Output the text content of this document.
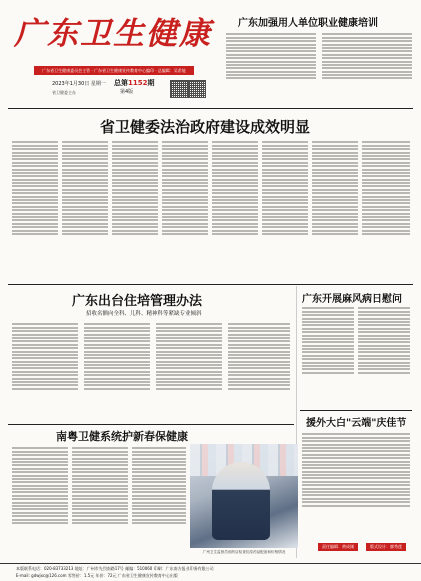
广东卫生健康
广东省卫生健康委员会主管 · 广东省卫生健康宣传教育中心编印 · 总编辑：吴希能
2023年1月30日 星期一 总第1152期
第4版
省卫健委主办
广东加强用人单位职业健康培训
省卫健委法治政府建设成效明显
广东出台住培管理办法
招收名额向全科、儿科、精神科等紧缺专业倾斜
广东开展麻风病日慰问
援外大白"云端"庆佳节
责任编辑：黄成刚	版式设计：廖秀莲
南粤卫健系统护新春保健康
广州卫生监督员到药店检查抗疫药品配备和价格情况
本版联系电话：020-83733213 地址：广州市先烈南路17号 邮编：510060 印刷：广东南方报业印务有限公司
E-mail: gdwjxc@126.com 零售价：1.5元 年价：72元 广东省卫生健康宣传教育中心出版
